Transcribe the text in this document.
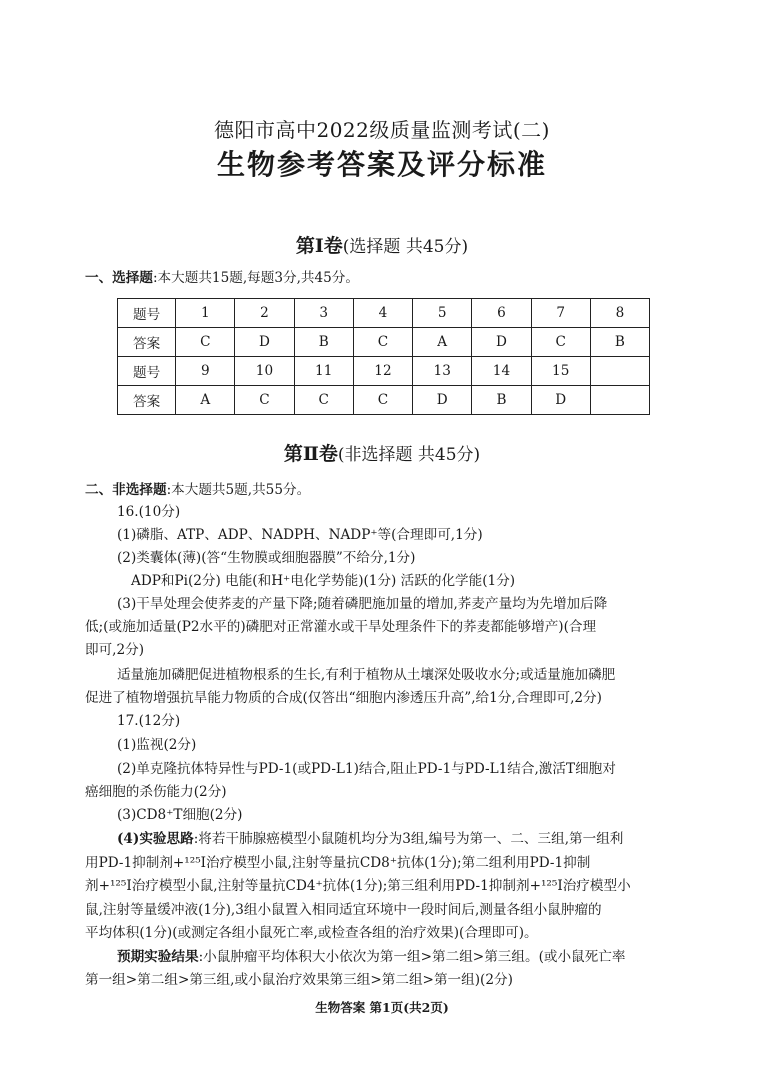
德阳市高中2022级质量监测考试(二)
生物参考答案及评分标准
第Ⅰ卷(选择题 共45分)
一、选择题:本大题共15题,每题3分,共45分。
题号	1	2	3	4	5	6	7	8
答案	C	D	B	C	A	D	C	B
题号	9	10	11	12	13	14	15	
答案	A	C	C	C	D	B	D	
第Ⅱ卷(非选择题 共45分)
二、非选择题:本大题共5题,共55分。
16.(10分)
(1)磷脂、ATP、ADP、NADPH、NADP⁺等(合理即可,1分)
(2)类囊体(薄)(答“生物膜或细胞器膜”不给分,1分)
ADP和Pi(2分) 电能(和H⁺电化学势能)(1分) 活跃的化学能(1分)
(3)干旱处理会使荞麦的产量下降;随着磷肥施加量的增加,荞麦产量均为先增加后降
低;(或施加适量(P2水平的)磷肥对正常灌水或干旱处理条件下的荞麦都能够增产)(合理
即可,2分)
适量施加磷肥促进植物根系的生长,有利于植物从土壤深处吸收水分;或适量施加磷肥
促进了植物增强抗旱能力物质的合成(仅答出“细胞内渗透压升高”,给1分,合理即可,2分)
17.(12分)
(1)监视(2分)
(2)单克隆抗体特异性与PD-1(或PD-L1)结合,阻止PD-1与PD-L1结合,激活T细胞对
癌细胞的杀伤能力(2分)
(3)CD8⁺T细胞(2分)
(4)实验思路:将若干肺腺癌模型小鼠随机均分为3组,编号为第一、二、三组,第一组利
用PD-1抑制剂+¹²⁵I治疗模型小鼠,注射等量抗CD8⁺抗体(1分);第二组利用PD-1抑制
剂+¹²⁵I治疗模型小鼠,注射等量抗CD4⁺抗体(1分);第三组利用PD-1抑制剂+¹²⁵I治疗模型小
鼠,注射等量缓冲液(1分),3组小鼠置入相同适宜环境中一段时间后,测量各组小鼠肿瘤的
平均体积(1分)(或测定各组小鼠死亡率,或检查各组的治疗效果)(合理即可)。
预期实验结果:小鼠肿瘤平均体积大小依次为第一组>第二组>第三组。(或小鼠死亡率
第一组>第二组>第三组,或小鼠治疗效果第三组>第二组>第一组)(2分)
生物答案 第1页(共2页)
